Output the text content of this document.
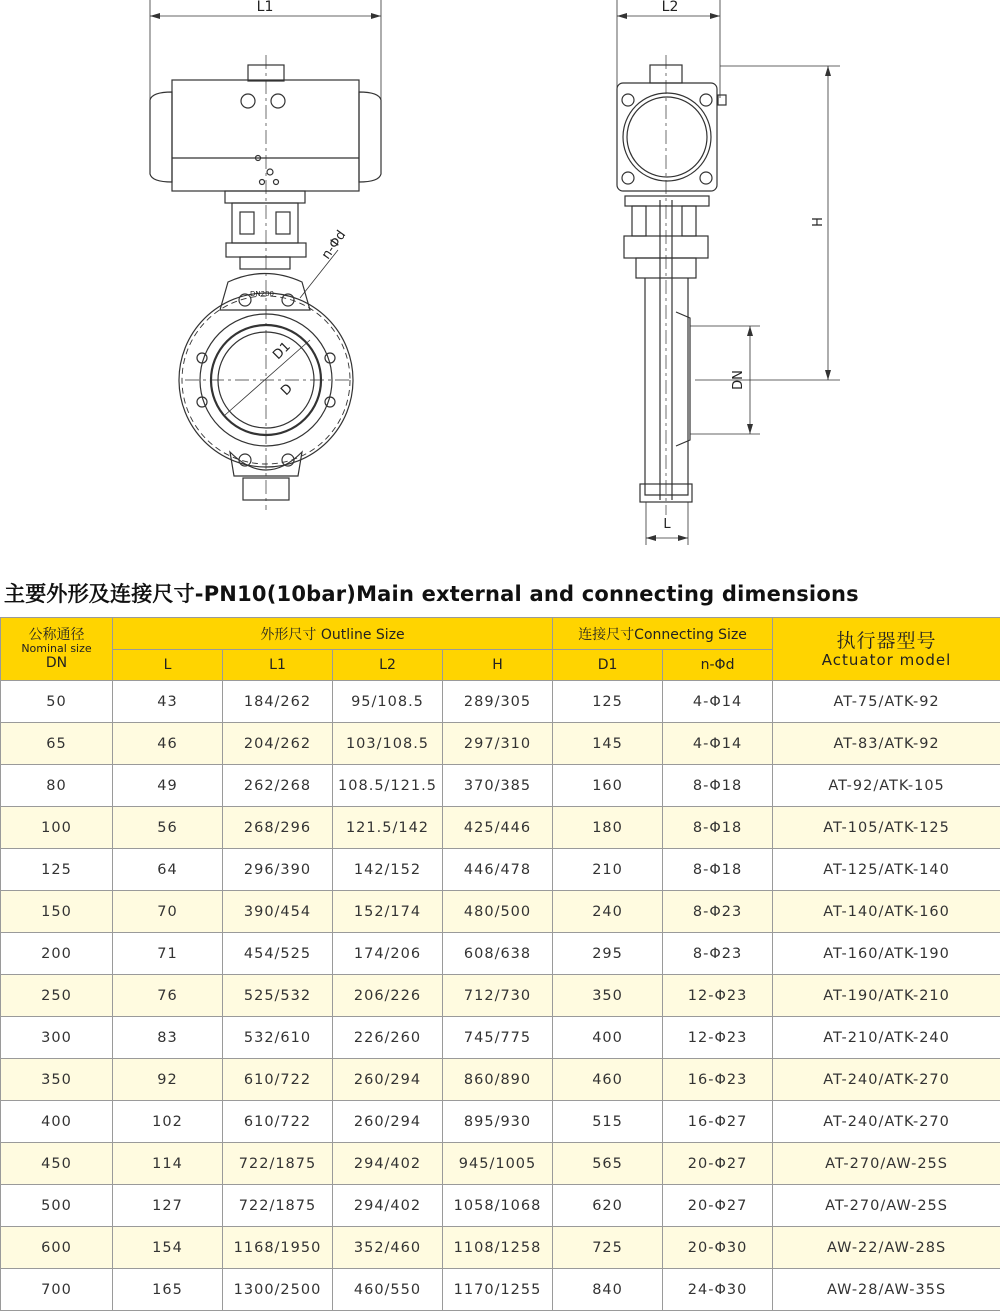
L1
DN200
n-Φd
D1
D
L2
H
DN
L
主要外形及连接尺寸-PN10(10bar)Main external and connecting dimensions
公称通径
Nominal size
DN	外形尺寸 Outline Size				连接尺寸Connecting Size		执行器型号
Actuator model

	L	L1	L2	H	D1	n-Φd	
50	43	184/262	95/108.5	289/305	125	4-Φ14	AT-75/ATK-92
65	46	204/262	103/108.5	297/310	145	4-Φ14	AT-83/ATK-92
80	49	262/268	108.5/121.5	370/385	160	8-Φ18	AT-92/ATK-105
100	56	268/296	121.5/142	425/446	180	8-Φ18	AT-105/ATK-125
125	64	296/390	142/152	446/478	210	8-Φ18	AT-125/ATK-140
150	70	390/454	152/174	480/500	240	8-Φ23	AT-140/ATK-160
200	71	454/525	174/206	608/638	295	8-Φ23	AT-160/ATK-190
250	76	525/532	206/226	712/730	350	12-Φ23	AT-190/ATK-210
300	83	532/610	226/260	745/775	400	12-Φ23	AT-210/ATK-240
350	92	610/722	260/294	860/890	460	16-Φ23	AT-240/ATK-270
400	102	610/722	260/294	895/930	515	16-Φ27	AT-240/ATK-270
450	114	722/1875	294/402	945/1005	565	20-Φ27	AT-270/AW-25S
500	127	722/1875	294/402	1058/1068	620	20-Φ27	AT-270/AW-25S
600	154	1168/1950	352/460	1108/1258	725	20-Φ30	AW-22/AW-28S
700	165	1300/2500	460/550	1170/1255	840	24-Φ30	AW-28/AW-35S
